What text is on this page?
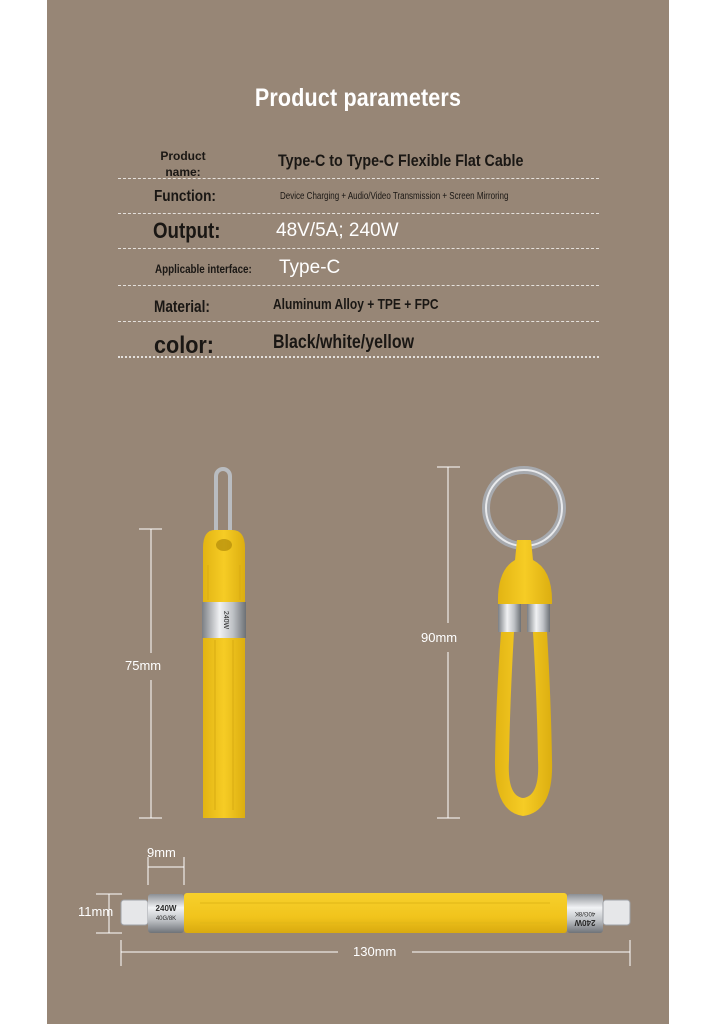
Product parameters
Product name:
Type-C to Type-C Flexible Flat Cable
Function:	Device Charging + Audio/Video Transmission + Screen Mirroring
Output:	48V/5A; 240W
Applicable interface: Type-C
Material:	Aluminum Alloy + TPE + FPC
color:	Black/white/yellow
240W
240W
40G/8K
40G/8K
240W
75mm
90mm
9mm
11mm
130mm
